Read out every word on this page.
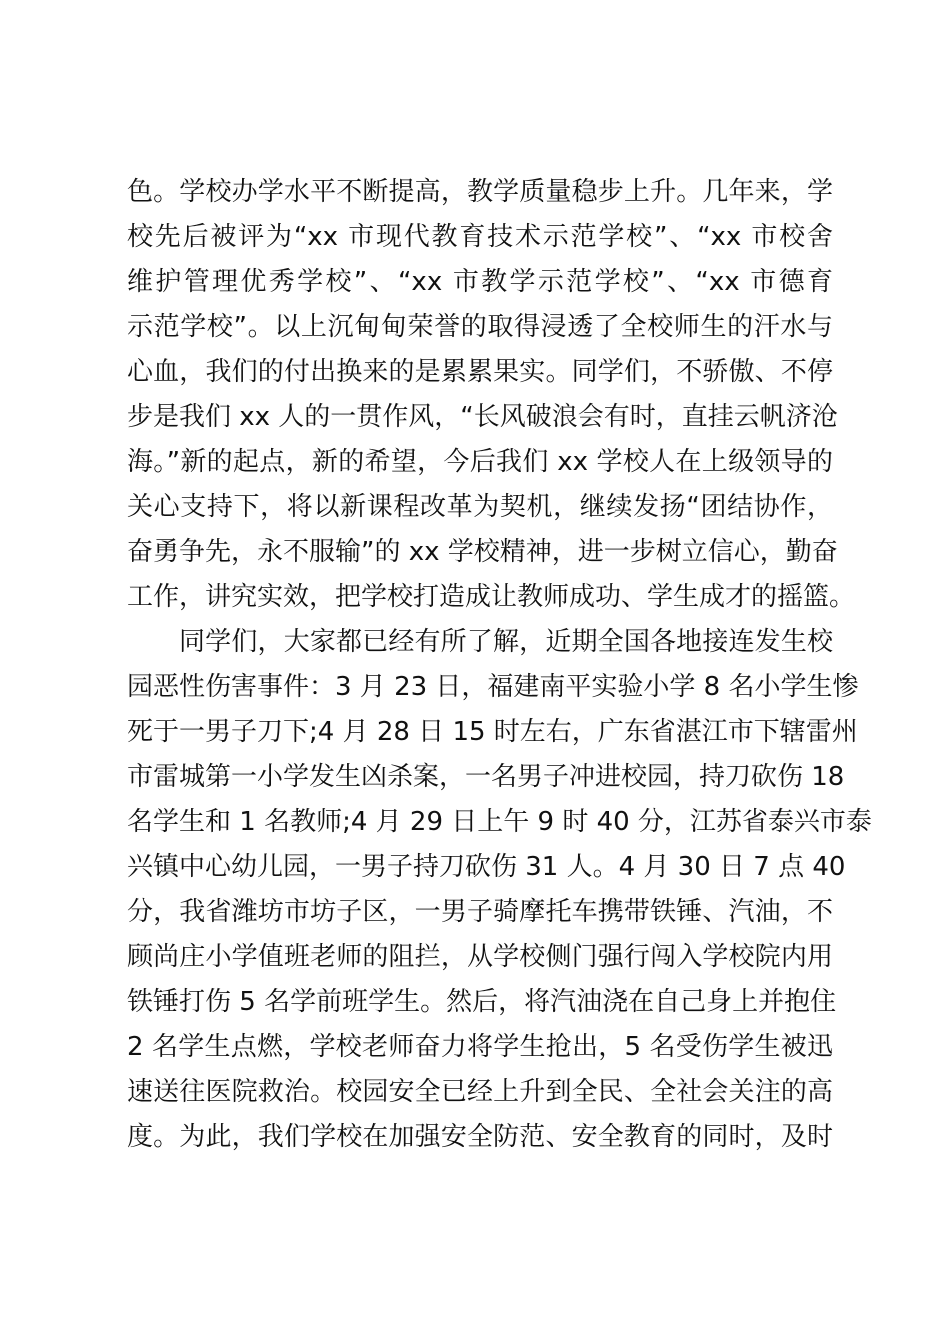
色。学校办学水平不断提高，教学质量稳步上升。几年来，学
校先后被评为“xx 市现代教育技术示范学校”、“xx 市校舍
维护管理优秀学校”、“xx 市教学示范学校”、“xx 市德育
示范学校”。以上沉甸甸荣誉的取得浸透了全校师生的汗水与
心血，我们的付出换来的是累累果实。同学们，不骄傲、不停
步是我们 xx 人的一贯作风，“长风破浪会有时，直挂云帆济沧
海。”新的起点，新的希望，今后我们 xx 学校人在上级领导的
关心支持下，将以新课程改革为契机，继续发扬“团结协作，
奋勇争先，永不服输”的 xx 学校精神，进一步树立信心，勤奋
工作，讲究实效，把学校打造成让教师成功、学生成才的摇篮。
同学们，大家都已经有所了解，近期全国各地接连发生校
园恶性伤害事件：3 月 23 日，福建南平实验小学 8 名小学生惨
死于一男子刀下;4 月 28 日 15 时左右，广东省湛江市下辖雷州
市雷城第一小学发生凶杀案，一名男子冲进校园，持刀砍伤 18
名学生和 1 名教师;4 月 29 日上午 9 时 40 分，江苏省泰兴市泰
兴镇中心幼儿园，一男子持刀砍伤 31 人。4 月 30 日 7 点 40
分，我省潍坊市坊子区，一男子骑摩托车携带铁锤、汽油，不
顾尚庄小学值班老师的阻拦，从学校侧门强行闯入学校院内用
铁锤打伤 5 名学前班学生。然后，将汽油浇在自己身上并抱住
2 名学生点燃，学校老师奋力将学生抢出，5 名受伤学生被迅
速送往医院救治。校园安全已经上升到全民、全社会关注的高
度。为此，我们学校在加强安全防范、安全教育的同时，及时
